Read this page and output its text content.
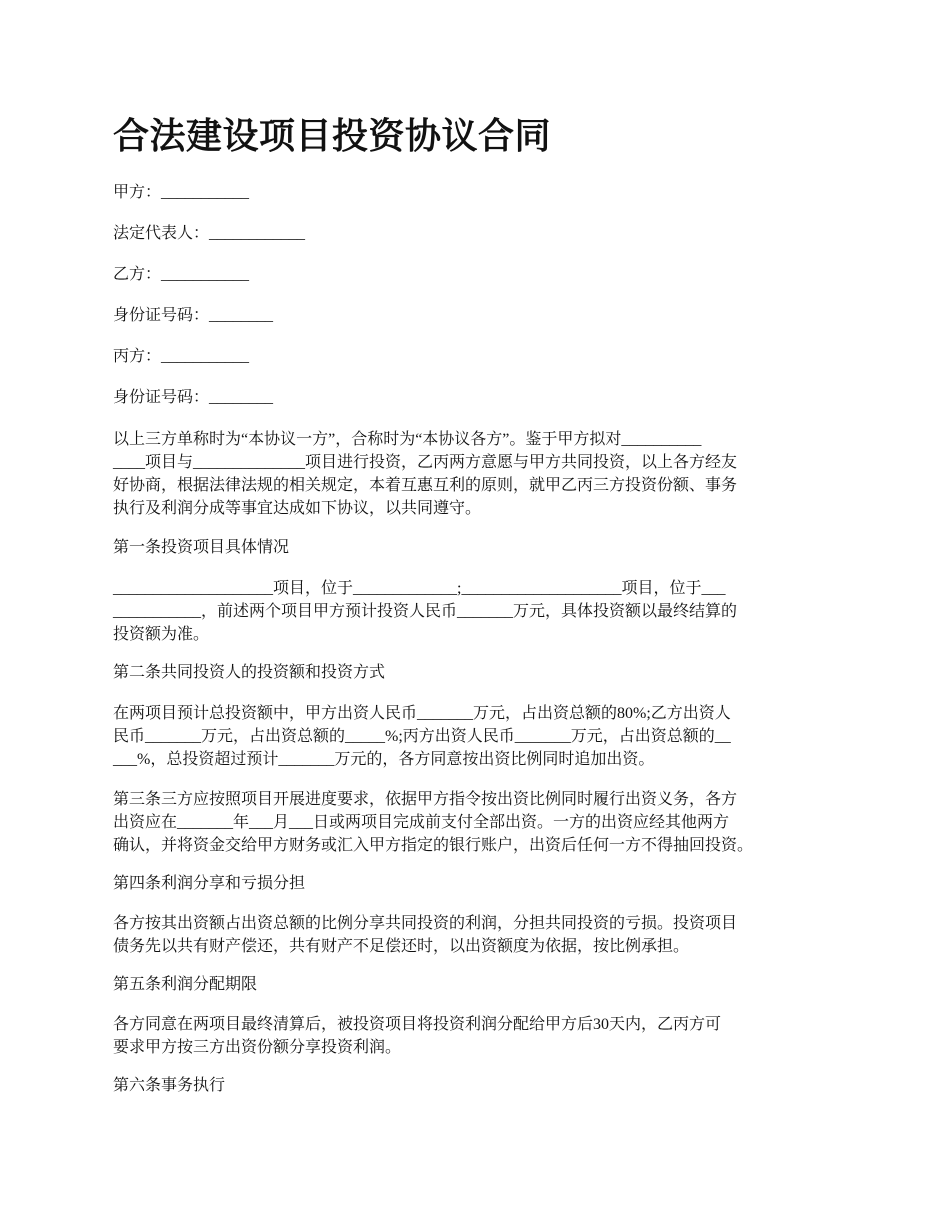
合法建设项目投资协议合同
甲方：___________
法定代表人：____________
乙方：___________
身份证号码：________
丙方：___________
身份证号码：________
以上三方单称时为“本协议一方”，合称时为“本协议各方”。鉴于甲方拟对__________
____项目与______________项目进行投资，乙丙两方意愿与甲方共同投资，以上各方经友
好协商，根据法律法规的相关规定，本着互惠互利的原则，就甲乙丙三方投资份额、事务
执行及利润分成等事宜达成如下协议，以共同遵守。
第一条投资项目具体情况
____________________项目，位于_____________;____________________项目，位于___
___________，前述两个项目甲方预计投资人民币_______万元，具体投资额以最终结算的
投资额为准。
第二条共同投资人的投资额和投资方式
在两项目预计总投资额中，甲方出资人民币_______万元，占出资总额的80%;乙方出资人
民币_______万元，占出资总额的_____%;丙方出资人民币_______万元，占出资总额的__
___%，总投资超过预计_______万元的，各方同意按出资比例同时追加出资。
第三条三方应按照项目开展进度要求，依据甲方指令按出资比例同时履行出资义务，各方
出资应在_______年___月___日或两项目完成前支付全部出资。一方的出资应经其他两方
确认，并将资金交给甲方财务或汇入甲方指定的银行账户，出资后任何一方不得抽回投资。
第四条利润分享和亏损分担
各方按其出资额占出资总额的比例分享共同投资的利润，分担共同投资的亏损。投资项目
债务先以共有财产偿还，共有财产不足偿还时，以出资额度为依据，按比例承担。
第五条利润分配期限
各方同意在两项目最终清算后，被投资项目将投资利润分配给甲方后30天内，乙丙方可
要求甲方按三方出资份额分享投资利润。
第六条事务执行
